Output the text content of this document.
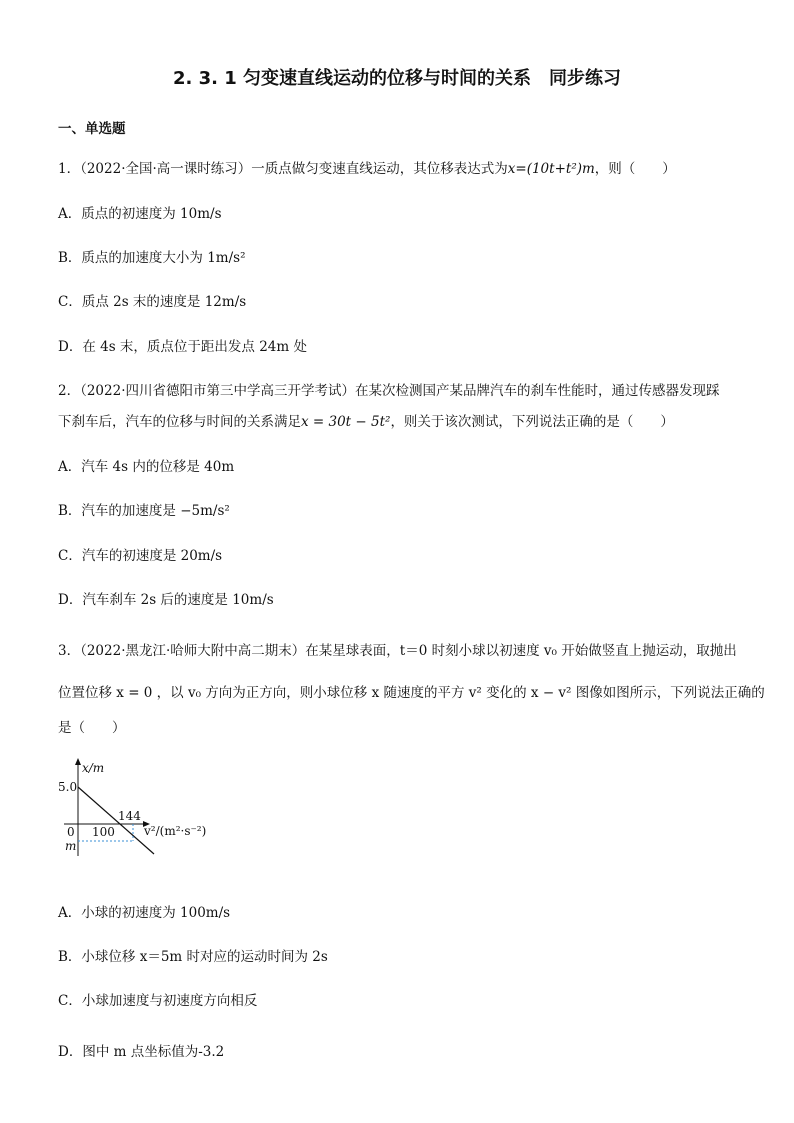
2. 3. 1 匀变速直线运动的位移与时间的关系　同步练习
一、单选题
1．（2022·全国·高一课时练习）一质点做匀变速直线运动，其位移表达式为x=(10t+t²)m，则（　　）
A．质点的初速度为 10m/s
B．质点的加速度大小为 1m/s²
C．质点 2s 末的速度是 12m/s
D．在 4s 末，质点位于距出发点 24m 处
2．（2022·四川省德阳市第三中学高三开学考试）在某次检测国产某品牌汽车的刹车性能时，通过传感器发现踩
下刹车后，汽车的位移与时间的关系满足x = 30t − 5t²，则关于该次测试，下列说法正确的是（　　）
A．汽车 4s 内的位移是 40m
B．汽车的加速度是 −5m/s²
C．汽车的初速度是 20m/s
D．汽车刹车 2s 后的速度是 10m/s
3．（2022·黑龙江·哈师大附中高二期末）在某星球表面，t＝0 时刻小球以初速度 v₀ 开始做竖直上抛运动，取抛出
位置位移 x = 0 ，以 v₀ 方向为正方向，则小球位移 x 随速度的平方 v² 变化的 x − v² 图像如图所示，下列说法正确的
是（　　）
x/m
5.0
0
m
100
144
v²/(m²·s⁻²)
A．小球的初速度为 100m/s
B．小球位移 x＝5m 时对应的运动时间为 2s
C．小球加速度与初速度方向相反
D．图中 m 点坐标值为-3.2
